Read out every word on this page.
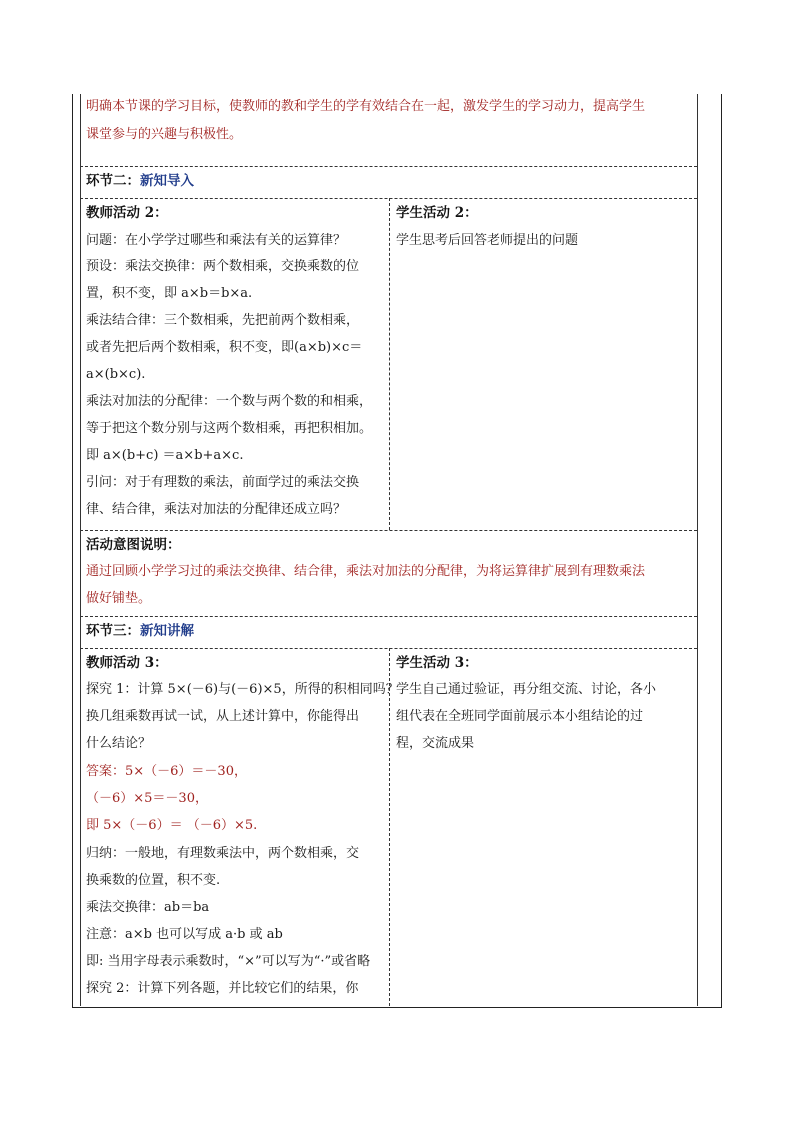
明确本节课的学习目标，使教师的教和学生的学有效结合在一起，激发学生的学习动力，提高学生
课堂参与的兴趣与积极性。
环节二：新知导入
教师活动 2：
问题：在小学学过哪些和乘法有关的运算律？
预设：乘法交换律：两个数相乘，交换乘数的位
置，积不变，即 a×b＝b×a.
乘法结合律：三个数相乘，先把前两个数相乘，
或者先把后两个数相乘，积不变，即(a×b)×c＝
a×(b×c).
乘法对加法的分配律：一个数与两个数的和相乘，
等于把这个数分别与这两个数相乘，再把积相加。
即 a×(b+c) ＝a×b+a×c.
引问：对于有理数的乘法，前面学过的乘法交换
律、结合律，乘法对加法的分配律还成立吗？
学生活动 2：
学生思考后回答老师提出的问题
活动意图说明：
通过回顾小学学习过的乘法交换律、结合律，乘法对加法的分配律，为将运算律扩展到有理数乘法
做好铺垫。
环节三：新知讲解
教师活动 3：
探究 1：计算 5×(－6)与(－6)×5，所得的积相同吗？
换几组乘数再试一试，从上述计算中，你能得出
什么结论？
答案：5×（－6）＝－30，
（－6）×5＝－30，
即 5×（－6）＝ （－6）×5.
归纳：一般地，有理数乘法中，两个数相乘，交
换乘数的位置，积不变.
乘法交换律：ab＝ba
注意：a×b 也可以写成 a·b 或 ab
即: 当用字母表示乘数时，“×”可以写为“·”或省略
探究 2：计算下列各题，并比较它们的结果，你
学生活动 3：
学生自己通过验证，再分组交流、讨论，各小
组代表在全班同学面前展示本小组结论的过
程，交流成果
